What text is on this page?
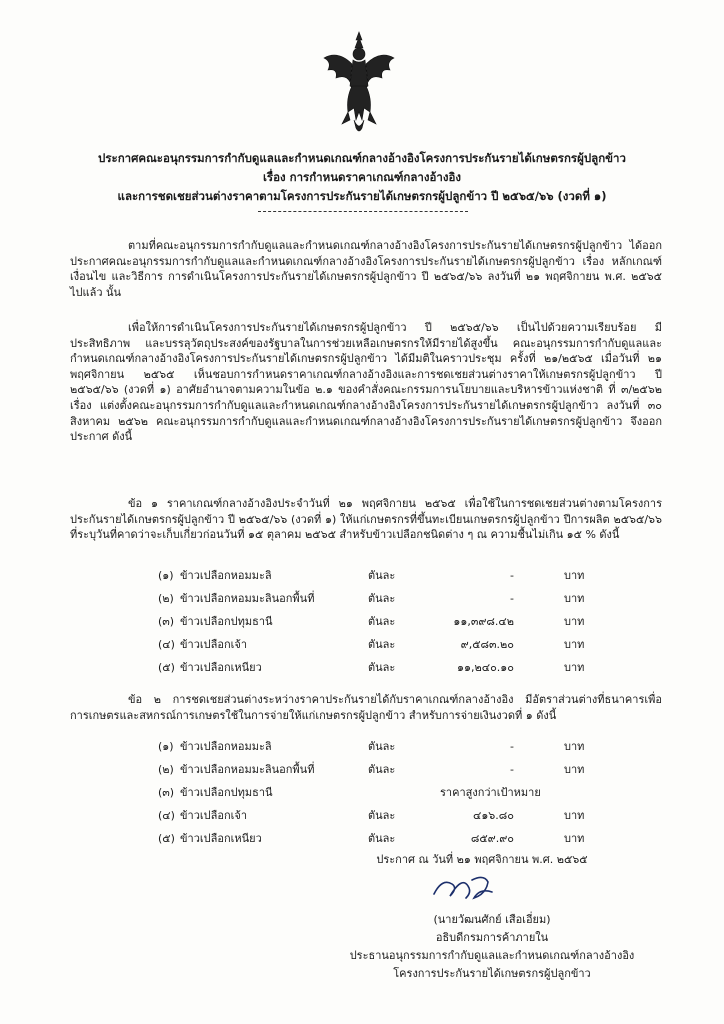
ประกาศคณะอนุกรรมการกำกับดูแลและกำหนดเกณฑ์กลางอ้างอิงโครงการประกันรายได้เกษตรกรผู้ปลูกข้าว
เรื่อง การกำหนดราคาเกณฑ์กลางอ้างอิง
และการชดเชยส่วนต่างราคาตามโครงการประกันรายได้เกษตรกรผู้ปลูกข้าว ปี ๒๕๖๕/๖๖ (งวดที่ ๑)
ตามที่คณะอนุกรรมการกำกับดูแลและกำหนดเกณฑ์กลางอ้างอิงโครงการประกันรายได้เกษตรกรผู้ปลูกข้าว ได้ออกประกาศคณะอนุกรรมการกำกับดูแลและกำหนดเกณฑ์กลางอ้างอิงโครงการประกันรายได้เกษตรกรผู้ปลูกข้าว เรื่อง หลักเกณฑ์ เงื่อนไข และวิธีการ การดำเนินโครงการประกันรายได้เกษตรกรผู้ปลูกข้าว ปี ๒๕๖๕/๖๖ ลงวันที่ ๒๑ พฤศจิกายน พ.ศ. ๒๕๖๕ ไปแล้ว นั้น
เพื่อให้การดำเนินโครงการประกันรายได้เกษตรกรผู้ปลูกข้าว ปี ๒๕๖๕/๖๖ เป็นไปด้วยความเรียบร้อย มีประสิทธิภาพ และบรรลุวัตถุประสงค์ของรัฐบาลในการช่วยเหลือเกษตรกรให้มีรายได้สูงขึ้น คณะอนุกรรมการกำกับดูแลและกำหนดเกณฑ์กลางอ้างอิงโครงการประกันรายได้เกษตรกรผู้ปลูกข้าว ได้มีมติในคราวประชุม ครั้งที่ ๒๑/๒๕๖๕ เมื่อวันที่ ๒๑ พฤศจิกายน ๒๕๖๕ เห็นชอบการกำหนดราคาเกณฑ์กลางอ้างอิงและการชดเชยส่วนต่างราคาให้เกษตรกรผู้ปลูกข้าว ปี ๒๕๖๕/๖๖ (งวดที่ ๑) อาศัยอำนาจตามความในข้อ ๒.๑ ของคำสั่งคณะกรรมการนโยบายและบริหารข้าวแห่งชาติ ที่ ๓/๒๕๖๒ เรื่อง แต่งตั้งคณะอนุกรรมการกำกับดูแลและกำหนดเกณฑ์กลางอ้างอิงโครงการประกันรายได้เกษตรกรผู้ปลูกข้าว ลงวันที่ ๓๐ สิงหาคม ๒๕๖๒ คณะอนุกรรมการกำกับดูแลและกำหนดเกณฑ์กลางอ้างอิงโครงการประกันรายได้เกษตรกรผู้ปลูกข้าว จึงออกประกาศ ดังนี้
ข้อ ๑ ราคาเกณฑ์กลางอ้างอิงประจำวันที่ ๒๑ พฤศจิกายน ๒๕๖๕ เพื่อใช้ในการชดเชยส่วนต่างตามโครงการประกันรายได้เกษตรกรผู้ปลูกข้าว ปี ๒๕๖๕/๖๖ (งวดที่ ๑) ให้แก่เกษตรกรที่ขึ้นทะเบียนเกษตรกรผู้ปลูกข้าว ปีการผลิต ๒๕๖๕/๖๖ ที่ระบุวันที่คาดว่าจะเก็บเกี่ยวก่อนวันที่ ๑๕ ตุลาคม ๒๕๖๕ สำหรับข้าวเปลือกชนิดต่าง ๆ ณ ความชื้นไม่เกิน ๑๕ % ดังนี้
(๑) ข้าวเปลือกหอมมะลิ	ตันละ	-	บาท
(๒) ข้าวเปลือกหอมมะลินอกพื้นที่	ตันละ	-	บาท
(๓) ข้าวเปลือกปทุมธานี	ตันละ	๑๑,๓๙๘.๔๒	บาท
(๔) ข้าวเปลือกเจ้า	ตันละ	๙,๕๘๓.๒๐	บาท
(๕) ข้าวเปลือกเหนียว	ตันละ	๑๑,๒๔๐.๑๐	บาท
ข้อ ๒ การชดเชยส่วนต่างระหว่างราคาประกันรายได้กับราคาเกณฑ์กลางอ้างอิง มีอัตราส่วนต่างที่ธนาคารเพื่อการเกษตรและสหกรณ์การเกษตรใช้ในการจ่ายให้แก่เกษตรกรผู้ปลูกข้าว สำหรับการจ่ายเงินงวดที่ ๑ ดังนี้
(๑) ข้าวเปลือกหอมมะลิ	ตันละ	-	บาท
(๒) ข้าวเปลือกหอมมะลินอกพื้นที่	ตันละ	-	บาท
(๓) ข้าวเปลือกปทุมธานี	ราคาสูงกว่าเป้าหมาย
(๔) ข้าวเปลือกเจ้า	ตันละ	๔๑๖.๘๐	บาท
(๕) ข้าวเปลือกเหนียว	ตันละ	๘๕๙.๙๐	บาท
ประกาศ ณ วันที่ ๒๑ พฤศจิกายน พ.ศ. ๒๕๖๕
(นายวัฒนศักย์ เสือเอี่ยม)
อธิบดีกรมการค้าภายใน
ประธานอนุกรรมการกำกับดูแลและกำหนดเกณฑ์กลางอ้างอิง
โครงการประกันรายได้เกษตรกรผู้ปลูกข้าว
